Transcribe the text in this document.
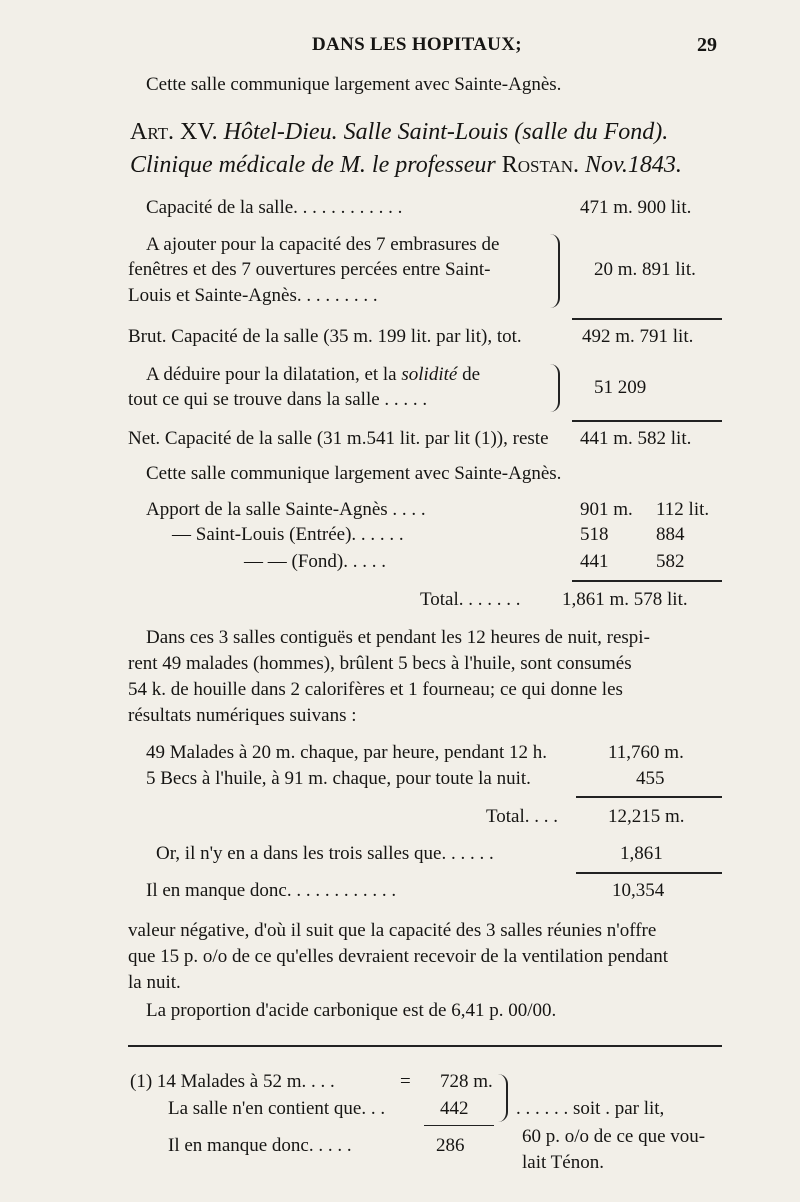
DANS LES HOPITAUX;	29
Cette salle communique largement avec Sainte-Agnès.
Art. XV. Hôtel-Dieu. Salle Saint-Louis (salle du Fond).
Clinique médicale de M. le professeur Rostan. Nov.1843.
Capacité de la salle. . . . . . . . . . . .	471 m. 900 lit.
A ajouter pour la capacité des 7 embrasures de
fenêtres et des 7 ouvertures percées entre Saint-
Louis et Sainte-Agnès. . . . . . . . .
20 m. 891 lit.
Brut. Capacité de la salle (35 m. 199 lit. par lit), tot.	492 m. 791 lit.
A déduire pour la dilatation, et la solidité de
tout ce qui se trouve dans la salle . . . . .
51 209
Net. Capacité de la salle (31 m.541 lit. par lit (1)), reste 441 m. 582 lit.
Cette salle communique largement avec Sainte-Agnès.
Apport de la salle Sainte-Agnès . . . .	901 m. 112 lit.
— Saint-Louis (Entrée). . . . . .	518	884
— — (Fond). . . . .	441	582
Total. . . . . . . 1,861 m. 578 lit.
Dans ces 3 salles contiguës et pendant les 12 heures de nuit, respi-
rent 49 malades (hommes), brûlent 5 becs à l'huile, sont consumés
54 k. de houille dans 2 calorifères et 1 fourneau; ce qui donne les
résultats numériques suivans :
49 Malades à 20 m. chaque, par heure, pendant 12 h.	11,760 m.
5 Becs à l'huile, à 91 m. chaque, pour toute la nuit.	455
Total. . . .	12,215 m.
Or, il n'y en a dans les trois salles que. . . . . .	1,861
Il en manque donc. . . . . . . . . . . .	10,354
valeur négative, d'où il suit que la capacité des 3 salles réunies n'offre
que 15 p. o/o de ce qu'elles devraient recevoir de la ventilation pendant
la nuit.
La proportion d'acide carbonique est de 6,41 p. 00/00.
(1) 14 Malades à 52 m. . . .	= 728 m.
La salle n'en contient que. . .	442	. . . . . . soit . par lit,
Il en manque donc. . . . .	286	60 p. o/o de ce que vou-
lait Ténon.
